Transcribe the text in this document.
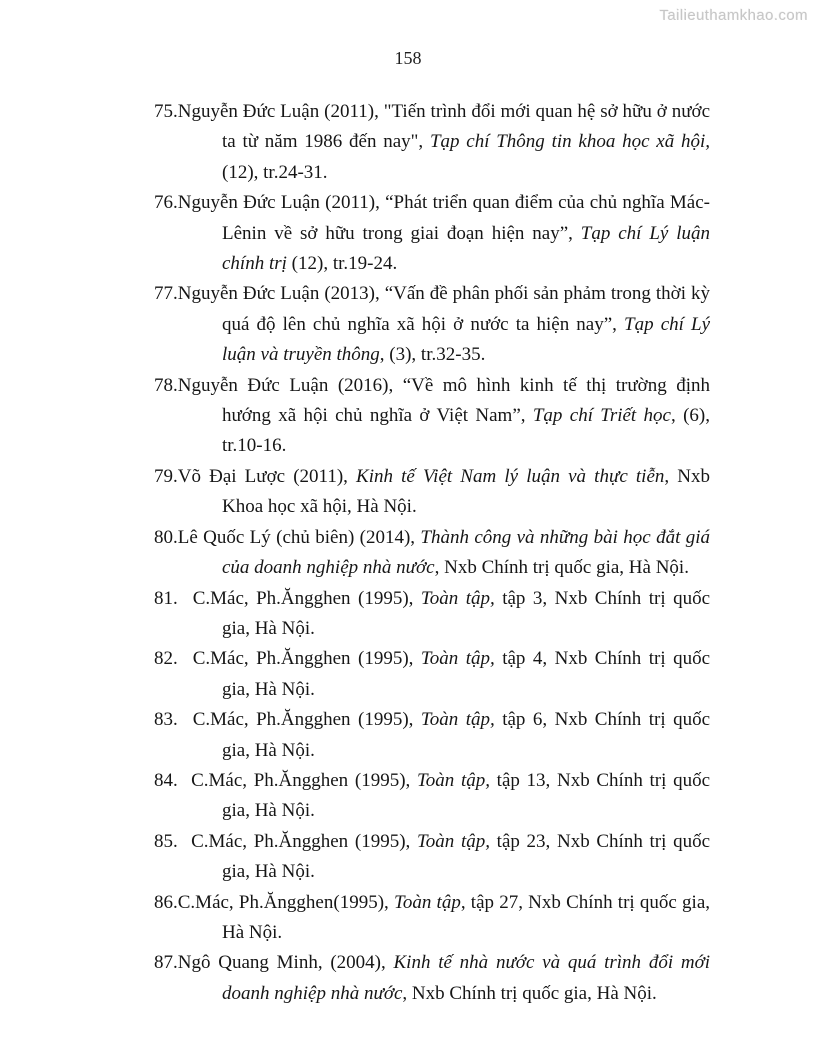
Tailieuthamkhao.com
158

75.Nguyễn Đức Luận (2011), "Tiến trình đổi mới quan hệ sở hữu ở nước ta từ năm 1986 đến nay", Tạp chí Thông tin khoa học xã hội, (12), tr.24-31.

76.Nguyễn Đức Luận (2011), “Phát triển quan điểm của chủ nghĩa Mác-Lênin về sở hữu trong giai đoạn hiện nay”, Tạp chí Lý luận chính trị (12), tr.19-24.

77.Nguyễn Đức Luận (2013), “Vấn đề phân phối sản phảm trong thời kỳ quá độ lên chủ nghĩa xã hội ở nước ta hiện nay”, Tạp chí Lý luận và truyền thông, (3), tr.32-35.

78.Nguyễn Đức Luận (2016), “Về mô hình kinh tế thị trường định hướng xã hội chủ nghĩa ở Việt Nam”, Tạp chí Triết học, (6), tr.10-16.

79.Võ Đại Lược (2011), Kinh tế Việt Nam lý luận và thực tiễn, Nxb Khoa học xã hội, Hà Nội.

80.Lê Quốc Lý (chủ biên) (2014), Thành công và những bài học đắt giá của doanh nghiệp nhà nước, Nxb Chính trị quốc gia, Hà Nội.

81.  C.Mác, Ph.Ăngghen (1995), Toàn tập, tập 3, Nxb Chính trị quốc gia, Hà Nội.

82.  C.Mác, Ph.Ăngghen (1995), Toàn tập, tập 4, Nxb Chính trị quốc gia, Hà Nội.

83.  C.Mác, Ph.Ăngghen (1995), Toàn tập, tập 6, Nxb Chính trị quốc gia, Hà Nội.

84.  C.Mác, Ph.Ăngghen (1995), Toàn tập, tập 13, Nxb Chính trị quốc gia, Hà Nội.

85.  C.Mác, Ph.Ăngghen (1995), Toàn tập, tập 23, Nxb Chính trị quốc gia, Hà Nội.

86.C.Mác, Ph.Ăngghen(1995), Toàn tập, tập 27, Nxb Chính trị quốc gia, Hà Nội.

87.Ngô Quang Minh, (2004), Kinh tế nhà nước và quá trình đổi mới doanh nghiệp nhà nước, Nxb Chính trị quốc gia, Hà Nội.
